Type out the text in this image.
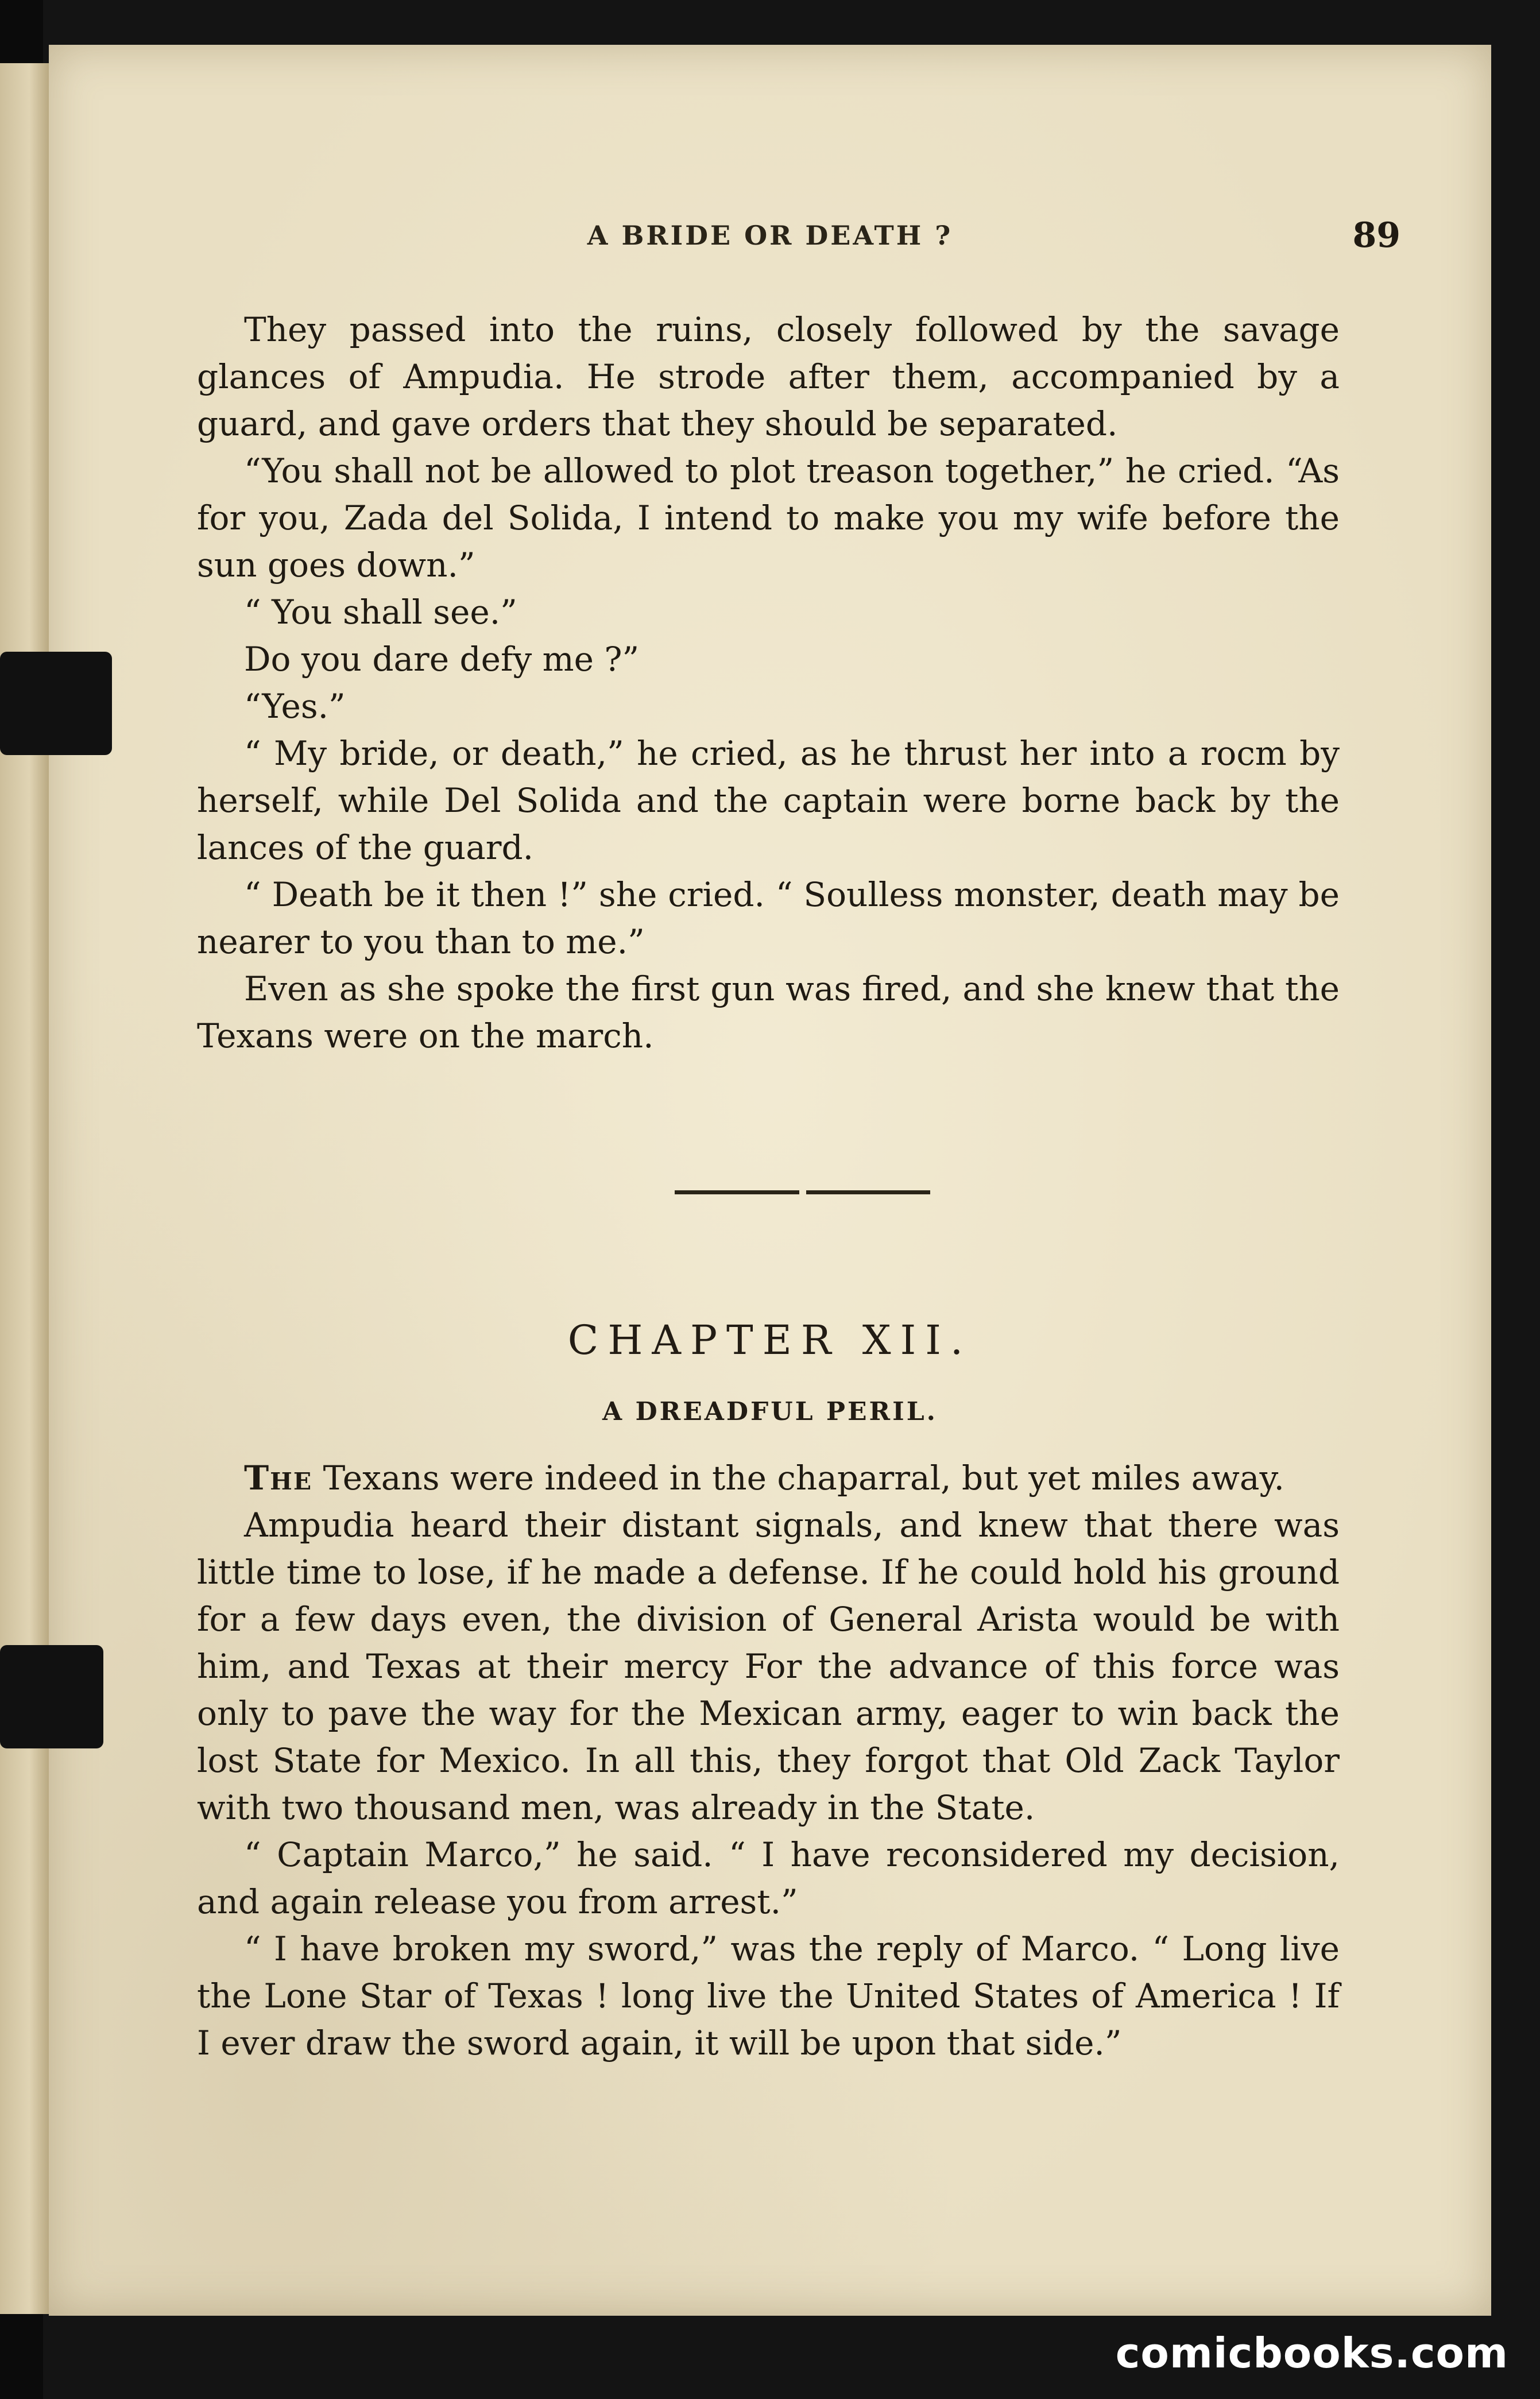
A BRIDE OR DEATH ?	89

They passed into the ruins, closely followed by the savage glances of Ampudia. He strode after them, accompanied by a guard, and gave orders that they should be separated.

“You shall not be allowed to plot treason together,” he cried. “As for you, Zada del Solida, I intend to make you my wife before the sun goes down.”

“ You shall see.”

Do you dare defy me ?”

“Yes.”

“ My bride, or death,” he cried, as he thrust her into a rocm by herself, while Del Solida and the captain were borne back by the lances of the guard.

“ Death be it then !” she cried. “ Soulless monster, death may be nearer to you than to me.”

Even as she spoke the first gun was fired, and she knew that the Texans were on the march.

CHAPTER XII.
A DREADFUL PERIL.

The Texans were indeed in the chaparral, but yet miles away.

Ampudia heard their distant signals, and knew that there was little time to lose, if he made a defense. If he could hold his ground for a few days even, the division of General Arista would be with him, and Texas at their mercy For the advance of this force was only to pave the way for the Mexican army, eager to win back the lost State for Mexico. In all this, they forgot that Old Zack Taylor with two thousand men, was already in the State.

“ Captain Marco,” he said. “ I have reconsidered my decision, and again release you from arrest.”

“ I have broken my sword,” was the reply of Marco. “ Long live the Lone Star of Texas ! long live the United States of America ! If I ever draw the sword again, it will be upon that side.”

comicbooks.com
